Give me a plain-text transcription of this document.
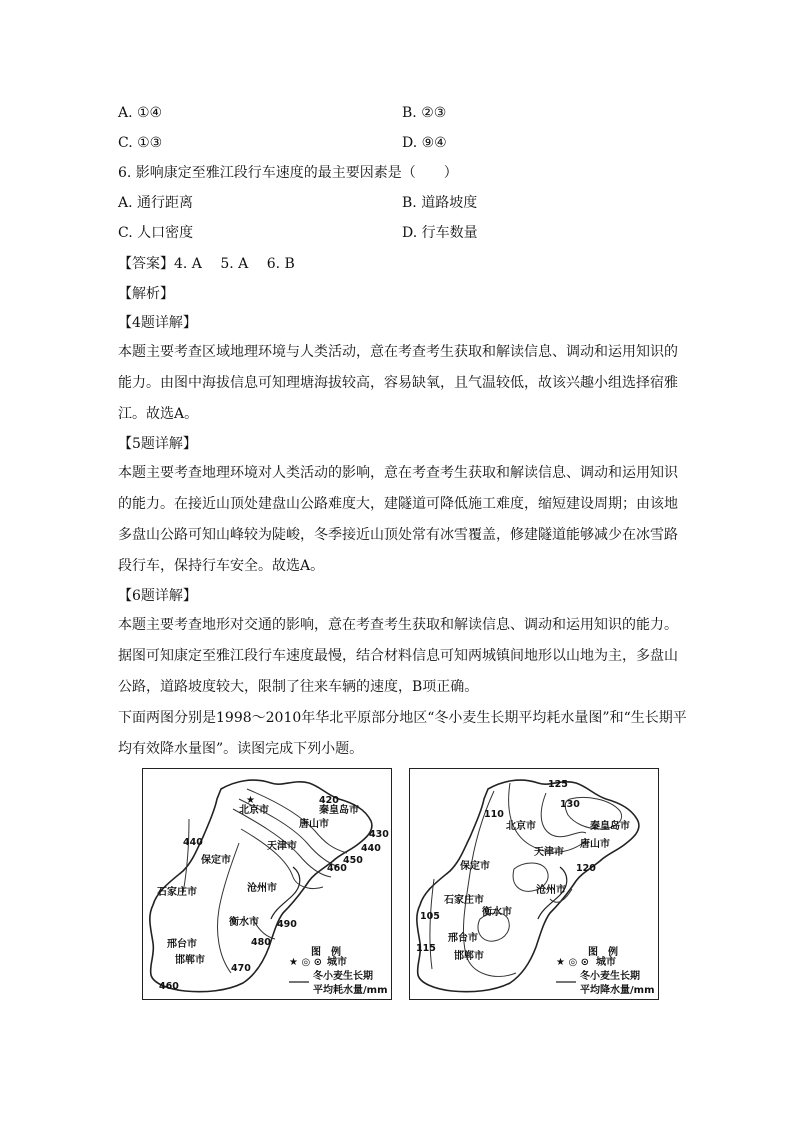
A. ①④	B. ②③
C. ①③	D. ⑨④
6. 影响康定至雅江段行车速度的最主要因素是（　　）
A. 通行距离	B. 道路坡度
C. 人口密度	D. 行车数量
【答案】4. A　 5. A　 6. B
【解析】
【4题详解】
本题主要考查区域地理环境与人类活动，意在考查考生获取和解读信息、调动和运用知识的能力。由图中海拔信息可知理塘海拔较高，容易缺氧，且气温较低，故该兴趣小组选择宿雅江。故选A。
【5题详解】
本题主要考查地理环境对人类活动的影响，意在考查考生获取和解读信息、调动和运用知识的能力。在接近山顶处建盘山公路难度大，建隧道可降低施工难度，缩短建设周期；由该地多盘山公路可知山峰较为陡峻，冬季接近山顶处常有冰雪覆盖，修建隧道能够减少在冰雪路段行车，保持行车安全。故选A。
【6题详解】
本题主要考查地形对交通的影响，意在考查考生获取和解读信息、调动和运用知识的能力。据图可知康定至雅江段行车速度最慢，结合材料信息可知两城镇间地形以山地为主，多盘山公路，道路坡度较大，限制了往来车辆的速度，B项正确。
下面两图分别是1998～2010年华北平原部分地区“冬小麦生长期平均耗水量图”和“生长期平均有效降水量图”。读图完成下列小题。
北京市
★
唐山市
秦皇岛市
天津市
保定市
石家庄市	沧州市
衡水市
邢台市
邯郸市
420
430
440
450
460
490
480
470
460
440
图　例
★ ◎ ⊙ 城市
冬小麦生长期
平均耗水量/mm
北京市	秦皇岛市
唐山市
天津市
保定市
石家庄市
沧州市
衡水市
邢台市
邯郸市
125
130
110
120
105
115	图　例
★ ◎ ⊙ 城市
冬小麦生长期
平均降水量/mm
